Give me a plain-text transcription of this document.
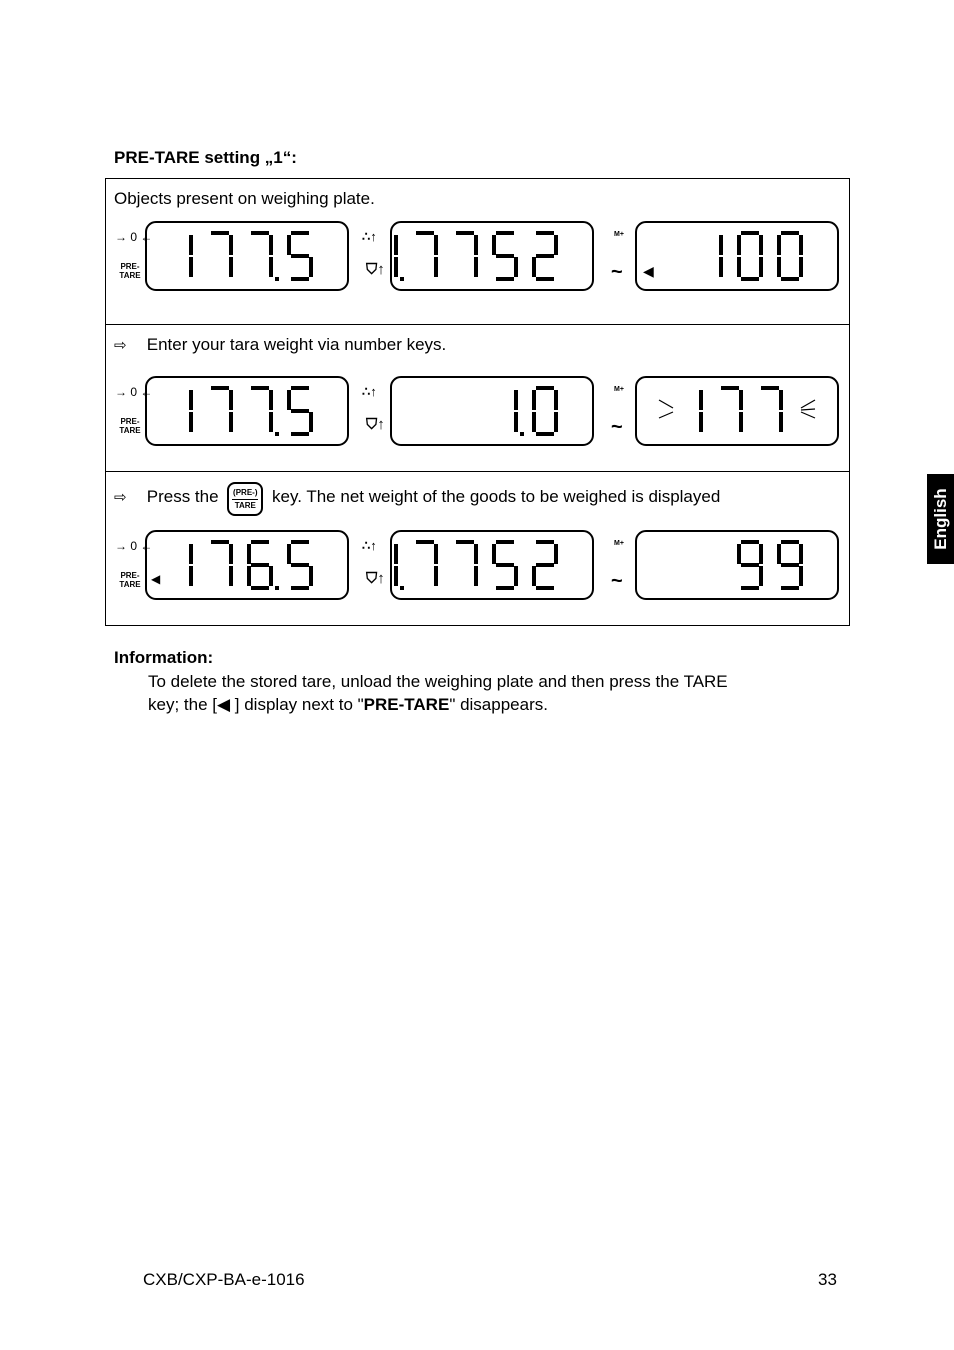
PRE-TARE setting „1“:
Objects present on weighing plate.
⇨ Enter your tara weight via number keys.
⇨ Press the (PRE-)
TARE key. The net weight of the goods to be weighed is displayed
→ 0 ←
PRE-
TARE
∴↑
⛉↑
M+
~ ◀
→ 0 ←
PRE-
TARE
∴↑
⛉↑
M+
~
→ 0 ←
PRE-
TARE ◀
∴↑
⛉↑
M+
~
Information:
To delete the stored tare, unload the weighing plate and then press the TARE
key; the [◀ ] display next to "PRE-TARE" disappears.
English
CXB/CXP-BA-e-1016	33
